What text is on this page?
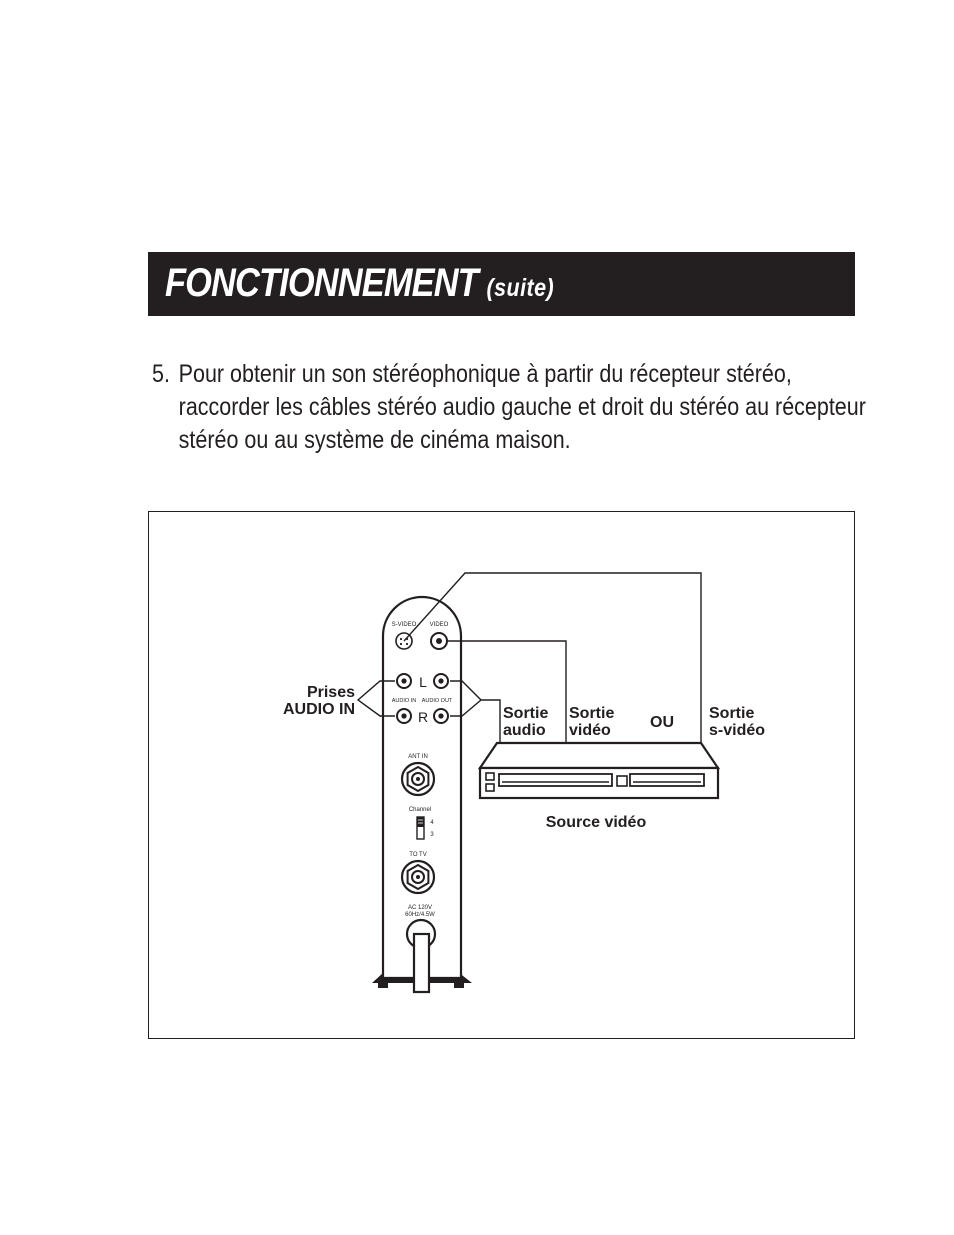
FONCTIONNEMENT (suite)
5. Pour obtenir un son stéréophonique à partir du récepteur stéréo,
raccorder les câbles stéréo audio gauche et droit du stéréo au récepteur
stéréo ou au système de cinéma maison.
S-VIDEO VIDEO
L
R
AUDIO IN AUDIO OUT
ANT IN
Channel
4
3
TO TV
AC 120V
60Hz/4.5W
Prises
AUDIO IN	Sortie
audio
Sortie
vidéo OU
Sortie
s-vidéo
Source vidéo
